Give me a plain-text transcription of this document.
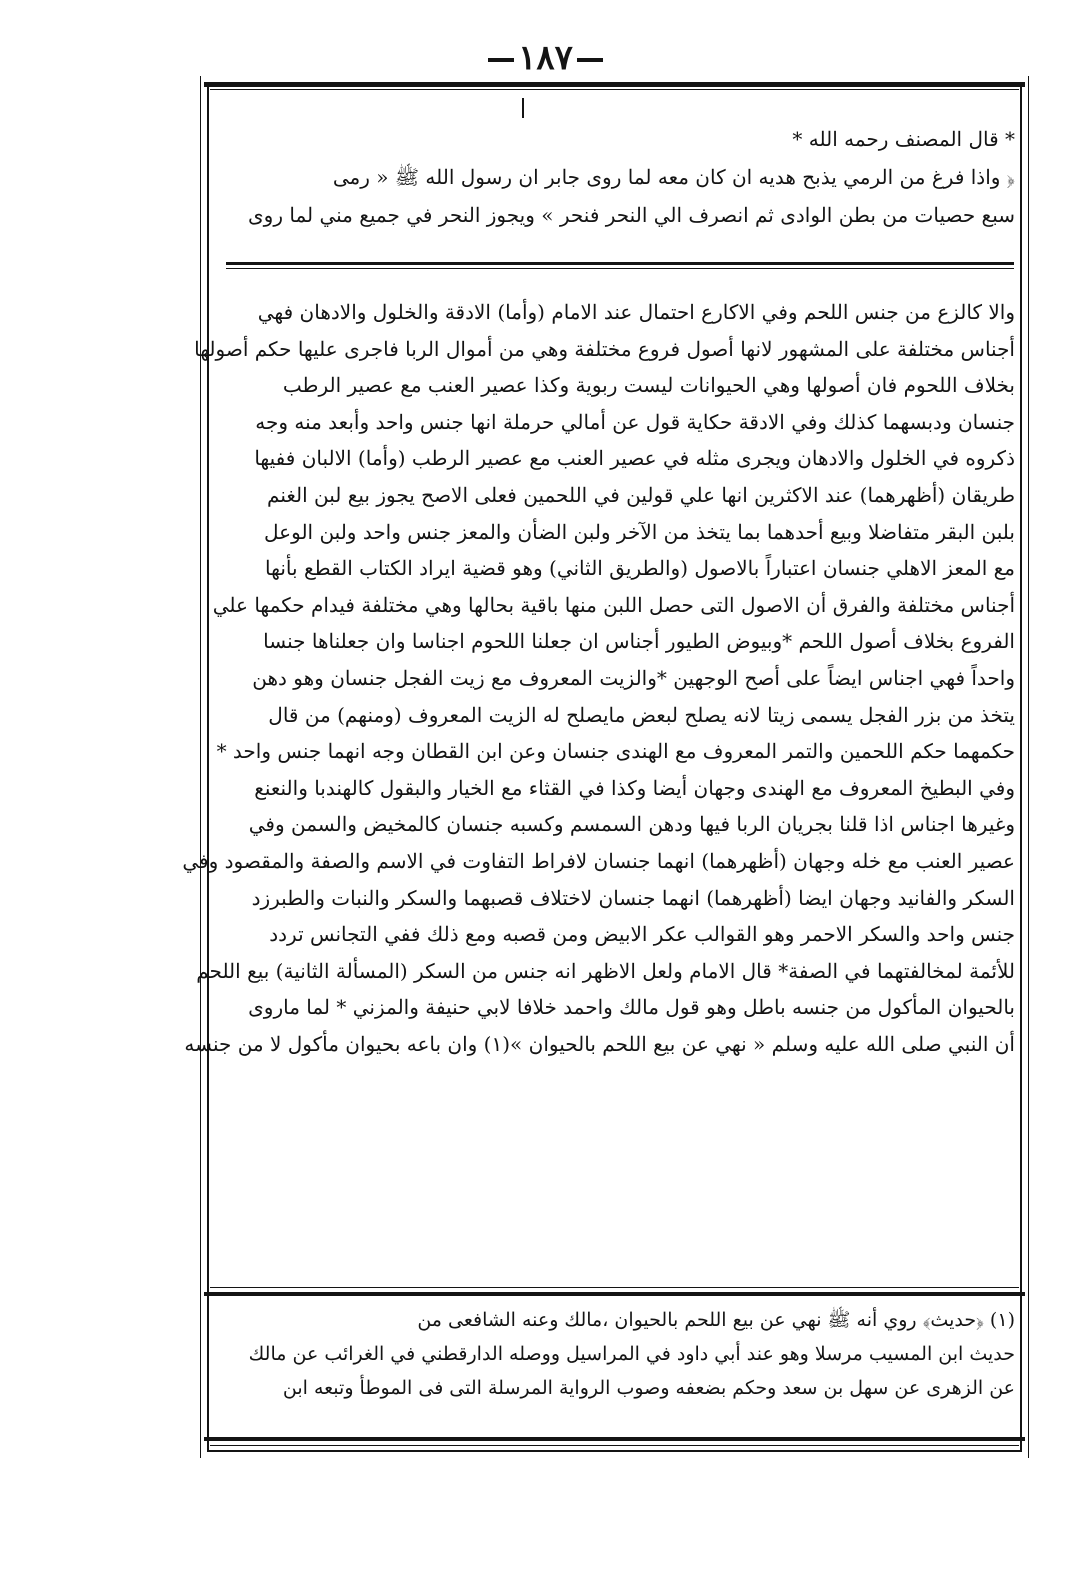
١٨٧
* قال المصنف رحمه الله *
﴿ واذا فرغ من الرمي يذبح هديه ان كان معه لما روى جابر ان رسول الله ﷺ « رمى
سبع حصيات من بطن الوادى ثم انصرف الي النحر فنحر » ويجوز النحر في جميع مني لما روى
والا كالزع من جنس اللحم وفي الاكارع احتمال عند الامام (وأما) الادقة والخلول والادهان فهي
أجناس مختلفة على المشهور لانها أصول فروع مختلفة وهي من أموال الربا فاجرى عليها حكم أصولها
بخلاف اللحوم فان أصولها وهي الحيوانات ليست ربوية وكذا عصير العنب مع عصير الرطب
جنسان ودبسهما كذلك وفي الادقة حكاية قول عن أمالي حرملة انها جنس واحد وأبعد منه وجه
ذكروه في الخلول والادهان ويجرى مثله في عصير العنب مع عصير الرطب (وأما) الالبان ففيها
طريقان (أظهرهما) عند الاكثرين انها علي قولين في اللحمين فعلى الاصح يجوز بيع لبن الغنم
بلبن البقر متفاضلا وبيع أحدهما بما يتخذ من الآخر ولبن الضأن والمعز جنس واحد ولبن الوعل
مع المعز الاهلي جنسان اعتباراً بالاصول (والطريق الثاني) وهو قضية ايراد الكتاب القطع بأنها
أجناس مختلفة والفرق أن الاصول التى حصل اللبن منها باقية بحالها وهي مختلفة فيدام حكمها علي
الفروع بخلاف أصول اللحم *وبيوض الطيور أجناس ان جعلنا اللحوم اجناسا وان جعلناها جنسا
واحداً فهي اجناس ايضاً على أصح الوجهين *والزيت المعروف مع زيت الفجل جنسان وهو دهن
يتخذ من بزر الفجل يسمى زيتا لانه يصلح لبعض مايصلح له الزيت المعروف (ومنهم) من قال
حكمهما حكم اللحمين والتمر المعروف مع الهندى جنسان وعن ابن القطان وجه انهما جنس واحد *
وفي البطيخ المعروف مع الهندى وجهان أيضا وكذا في القثاء مع الخيار والبقول كالهندبا والنعنع
وغيرها اجناس اذا قلنا بجريان الربا فيها ودهن السمسم وكسبه جنسان كالمخيض والسمن وفي
عصير العنب مع خله وجهان (أظهرهما) انهما جنسان لافراط التفاوت في الاسم والصفة والمقصود وفي
السكر والفانيد وجهان ايضا (أظهرهما) انهما جنسان لاختلاف قصبهما والسكر والنبات والطبرزد
جنس واحد والسكر الاحمر وهو القوالب عكر الابيض ومن قصبه ومع ذلك ففي التجانس تردد
للأئمة لمخالفتهما في الصفة* قال الامام ولعل الاظهر انه جنس من السكر (المسألة الثانية) بيع اللحم
بالحيوان المأكول من جنسه باطل وهو قول مالك واحمد خلافا لابي حنيفة والمزني * لما ماروى
أن النبي صلى الله عليه وسلم « نهي عن بيع اللحم بالحيوان »(١) وان باعه بحيوان مأكول لا من جنسه
(١) ﴿حديث﴾ روي أنه ﷺ نهي عن بيع اللحم بالحيوان ،مالك وعنه الشافعى من
حديث ابن المسيب مرسلا وهو عند أبي داود في المراسيل ووصله الدارقطني في الغرائب عن مالك
عن الزهرى عن سهل بن سعد وحكم بضعفه وصوب الرواية المرسلة التى فى الموطأ وتبعه ابن
